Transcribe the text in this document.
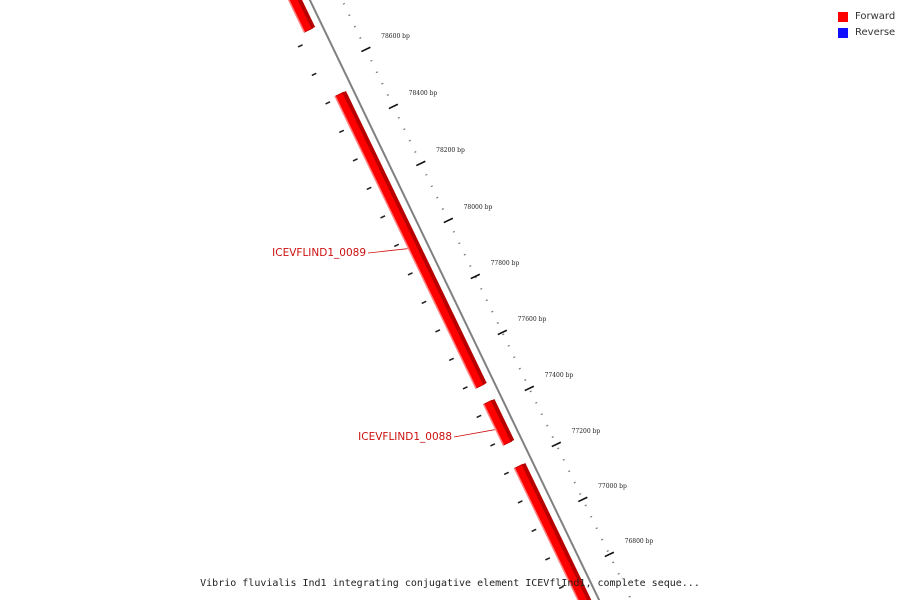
78600 bp
78400 bp
78200 bp
78000 bp
77800 bp
77600 bp
77400 bp
77200 bp
77000 bp
76800 bp
ICEVFLIND1_0089
ICEVFLIND1_0088
Forward
Reverse
Vibrio fluvialis Ind1 integrating conjugative element ICEVflInd1, complete seque...
